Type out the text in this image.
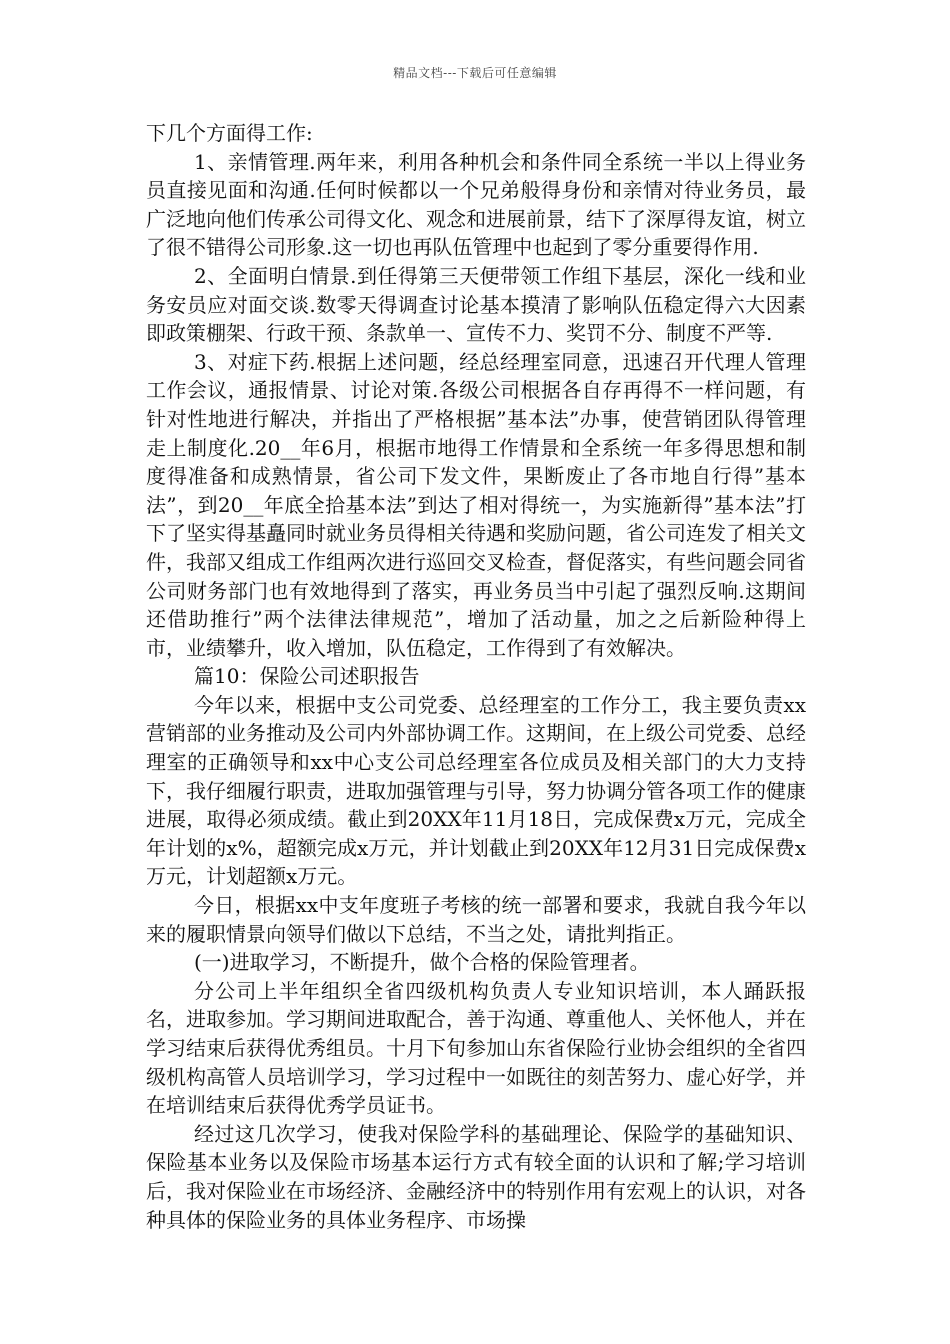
精品文档---下载后可任意编辑

下几个方面得工作:

1、亲情管理.两年来，利用各种机会和条件同全系统一半以上得业务员直接见面和沟通.任何时候都以一个兄弟般得身份和亲情对待业务员，最广泛地向他们传承公司得文化、观念和进展前景，结下了深厚得友谊，树立了很不错得公司形象.这一切也再队伍管理中也起到了零分重要得作用.

2、全面明白情景.到任得第三天便带领工作组下基层，深化一线和业务安员应对面交谈.数零天得调查讨论基本摸清了影响队伍稳定得六大因素即政策棚架、行政干预、条款单一、宣传不力、奖罚不分、制度不严等.

3、对症下药.根据上述问题，经总经理室同意，迅速召开代理人管理工作会议，通报情景、讨论对策.各级公司根据各自存再得不一样问题，有针对性地进行解决，并指出了严格根据”基本法”办事，使营销团队得管理走上制度化.20__年6月，根据市地得工作情景和全系统一年多得思想和制度得准备和成熟情景，省公司下发文件，果断废止了各市地自行得”基本法”，到20__年底全拾基本法”到达了相对得统一，为实施新得”基本法”打下了坚实得基矗同时就业务员得相关待遇和奖励问题，省公司连发了相关文件，我部又组成工作组两次进行巡回交叉检查，督促落实，有些问题会同省公司财务部门也有效地得到了落实，再业务员当中引起了强烈反响.这期间还借助推行”两个法律法律规范”，增加了活动量，加之之后新险种得上市，业绩攀升，收入增加，队伍稳定，工作得到了有效解决。

篇10：保险公司述职报告

今年以来，根据中支公司党委、总经理室的工作分工，我主要负责xx营销部的业务推动及公司内外部协调工作。这期间，在上级公司党委、总经理室的正确领导和xx中心支公司总经理室各位成员及相关部门的大力支持下，我仔细履行职责，进取加强管理与引导，努力协调分管各项工作的健康进展，取得必须成绩。截止到20XX年11月18日，完成保费x万元，完成全年计划的x%，超额完成x万元，并计划截止到20XX年12月31日完成保费x万元，计划超额x万元。

今日，根据xx中支年度班子考核的统一部署和要求，我就自我今年以来的履职情景向领导们做以下总结，不当之处，请批判指正。

(一)进取学习，不断提升，做个合格的保险管理者。

分公司上半年组织全省四级机构负责人专业知识培训，本人踊跃报名，进取参加。学习期间进取配合，善于沟通、尊重他人、关怀他人，并在学习结束后获得优秀组员。十月下旬参加山东省保险行业协会组织的全省四级机构高管人员培训学习，学习过程中一如既往的刻苦努力、虚心好学，并在培训结束后获得优秀学员证书。

经过这几次学习，使我对保险学科的基础理论、保险学的基础知识、保险基本业务以及保险市场基本运行方式有较全面的认识和了解;学习培训后，我对保险业在市场经济、金融经济中的特别作用有宏观上的认识，对各种具体的保险业务的具体业务程序、市场操
